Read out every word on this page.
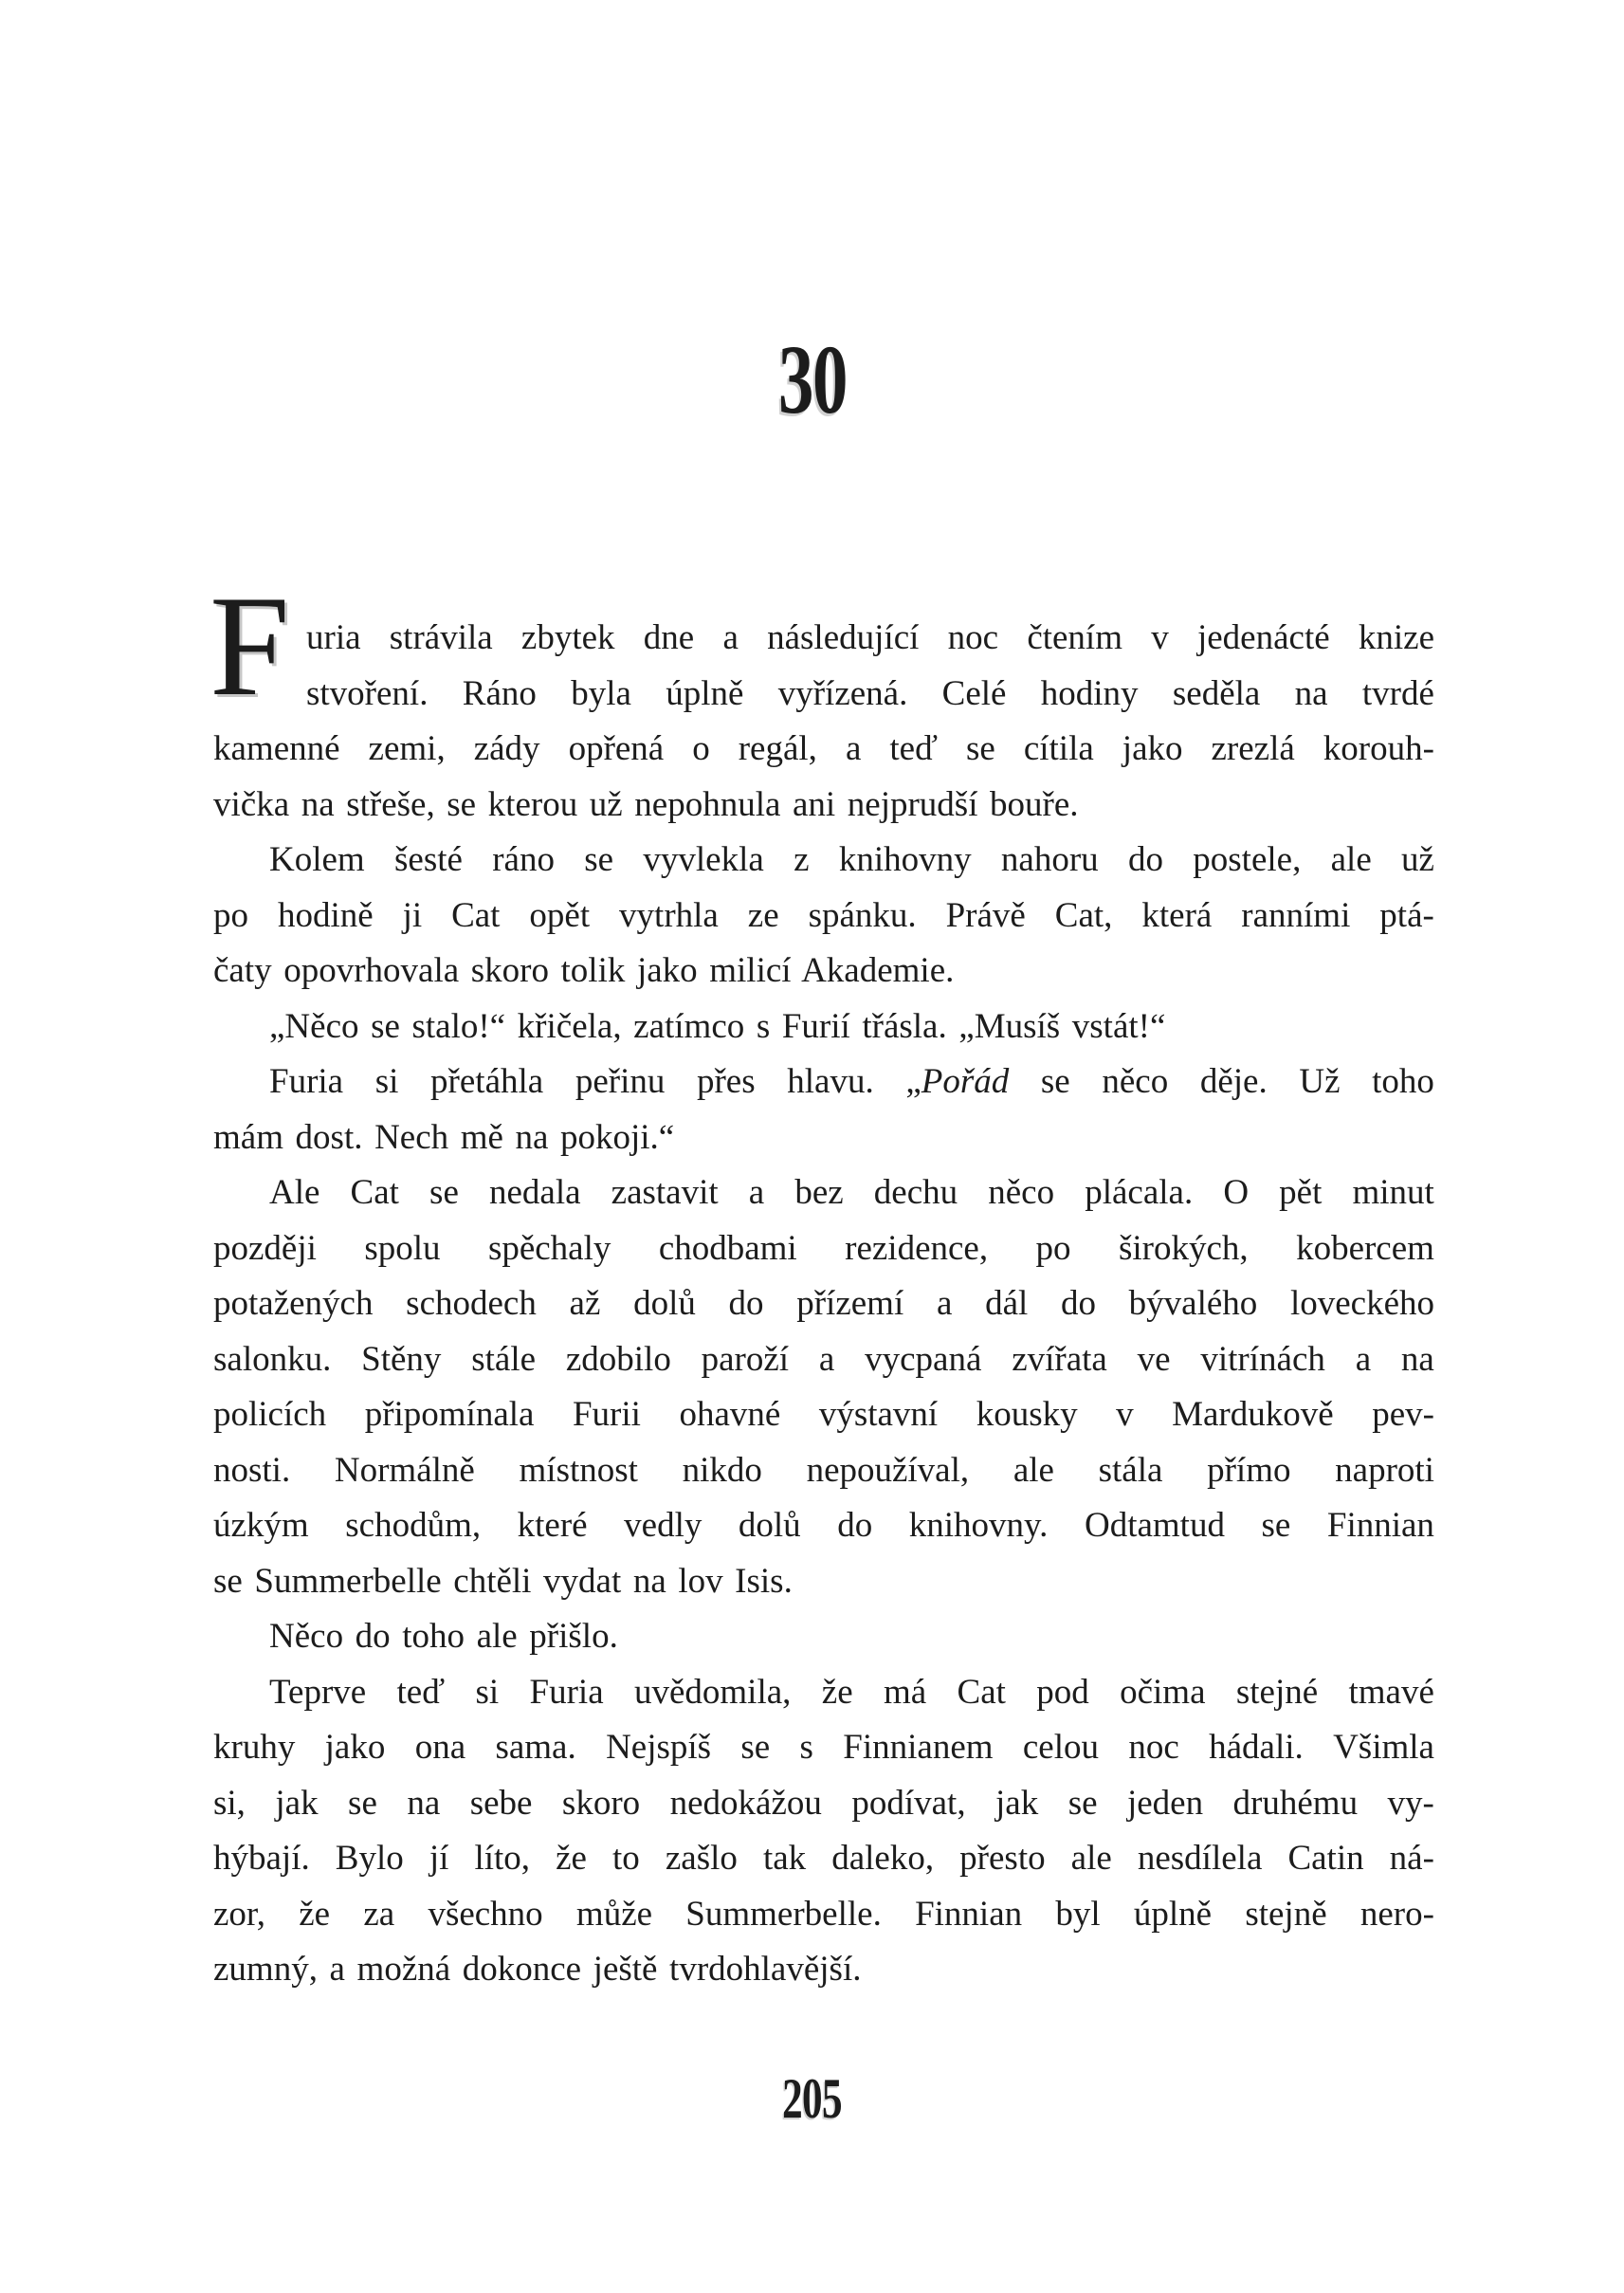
30
F uria strávila zbytek dne a následující noc čtením v jedenácté knize
stvoření. Ráno byla úplně vyřízená. Celé hodiny seděla na tvrdé
kamenné zemi, zády opřená o regál, a teď se cítila jako zrezlá korouh-
vička na střeše, se kterou už nepohnula ani nejprudší bouře.
Kolem šesté ráno se vyvlekla z knihovny nahoru do postele, ale už
po hodině ji Cat opět vytrhla ze spánku. Právě Cat, která ranními ptá-
čaty opovrhovala skoro tolik jako milicí Akademie.
„Něco se stalo!“ křičela, zatímco s Furií třásla. „Musíš vstát!“
Furia si přetáhla peřinu přes hlavu. „Pořád se něco děje. Už toho
mám dost. Nech mě na pokoji.“
Ale Cat se nedala zastavit a bez dechu něco plácala. O pět minut
později spolu spěchaly chodbami rezidence, po širokých, kobercem
potažených schodech až dolů do přízemí a dál do bývalého loveckého
salonku. Stěny stále zdobilo paroží a vycpaná zvířata ve vitrínách a na
policích připomínala Furii ohavné výstavní kousky v Mardukově pev-
nosti. Normálně místnost nikdo nepoužíval, ale stála přímo naproti
úzkým schodům, které vedly dolů do knihovny. Odtamtud se Finnian
se Summerbelle chtěli vydat na lov Isis.
Něco do toho ale přišlo.
Teprve teď si Furia uvědomila, že má Cat pod očima stejné tmavé
kruhy jako ona sama. Nejspíš se s Finnianem celou noc hádali. Všimla
si, jak se na sebe skoro nedokážou podívat, jak se jeden druhému vy-
hýbají. Bylo jí líto, že to zašlo tak daleko, přesto ale nesdílela Catin ná-
zor, že za všechno může Summerbelle. Finnian byl úplně stejně nero-
zumný, a možná dokonce ještě tvrdohlavější.
205
